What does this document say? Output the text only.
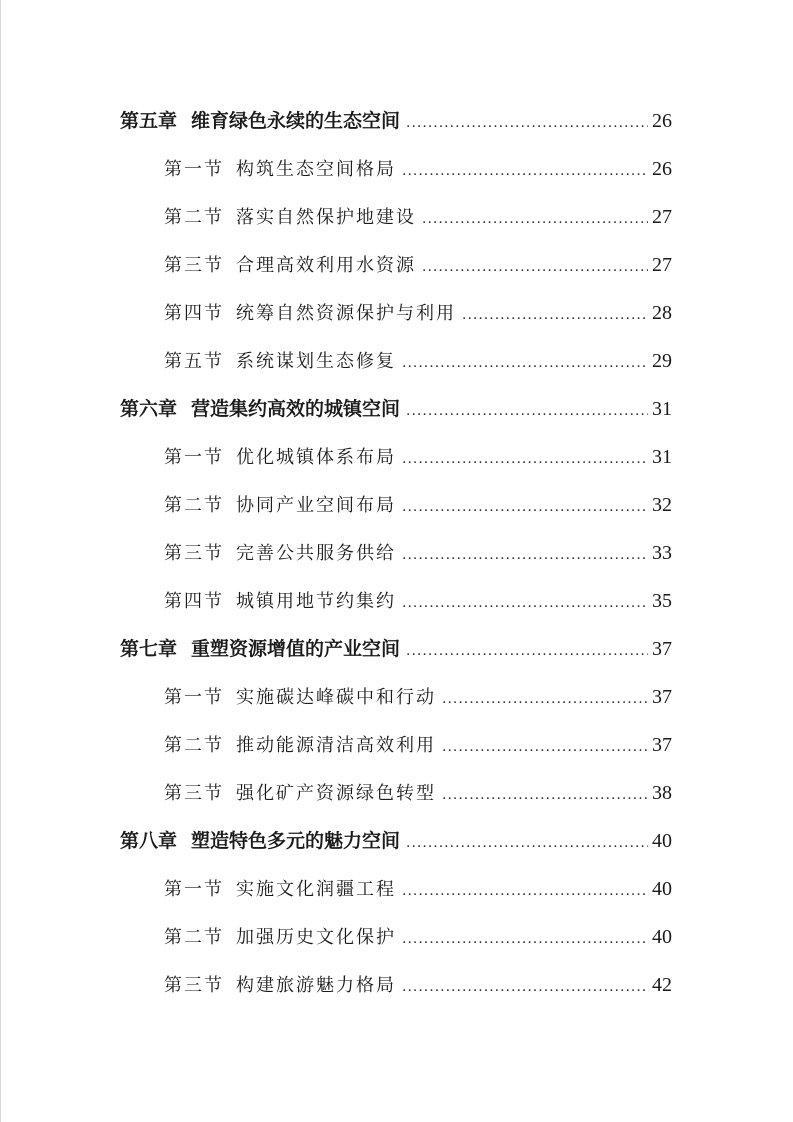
第五章 维育绿色永续的生态空间 .....	26
第一节 构筑生态空间格局 .....	26
第二节 落实自然保护地建设 .....	27
第三节 合理高效利用水资源 .....	27
第四节 统筹自然资源保护与利用 .....	28
第五节 系统谋划生态修复 .....	29
第六章 营造集约高效的城镇空间 .....	31
第一节 优化城镇体系布局 .....	31
第二节 协同产业空间布局 .....	32
第三节 完善公共服务供给 .....	33
第四节 城镇用地节约集约 .....	35
第七章 重塑资源增值的产业空间 .....	37
第一节 实施碳达峰碳中和行动 .....	37
第二节 推动能源清洁高效利用 .....	37
第三节 强化矿产资源绿色转型 .....	38
第八章 塑造特色多元的魅力空间 .....	40
第一节 实施文化润疆工程 .....	40
第二节 加强历史文化保护 .....	40
第三节 构建旅游魅力格局 .....	42
